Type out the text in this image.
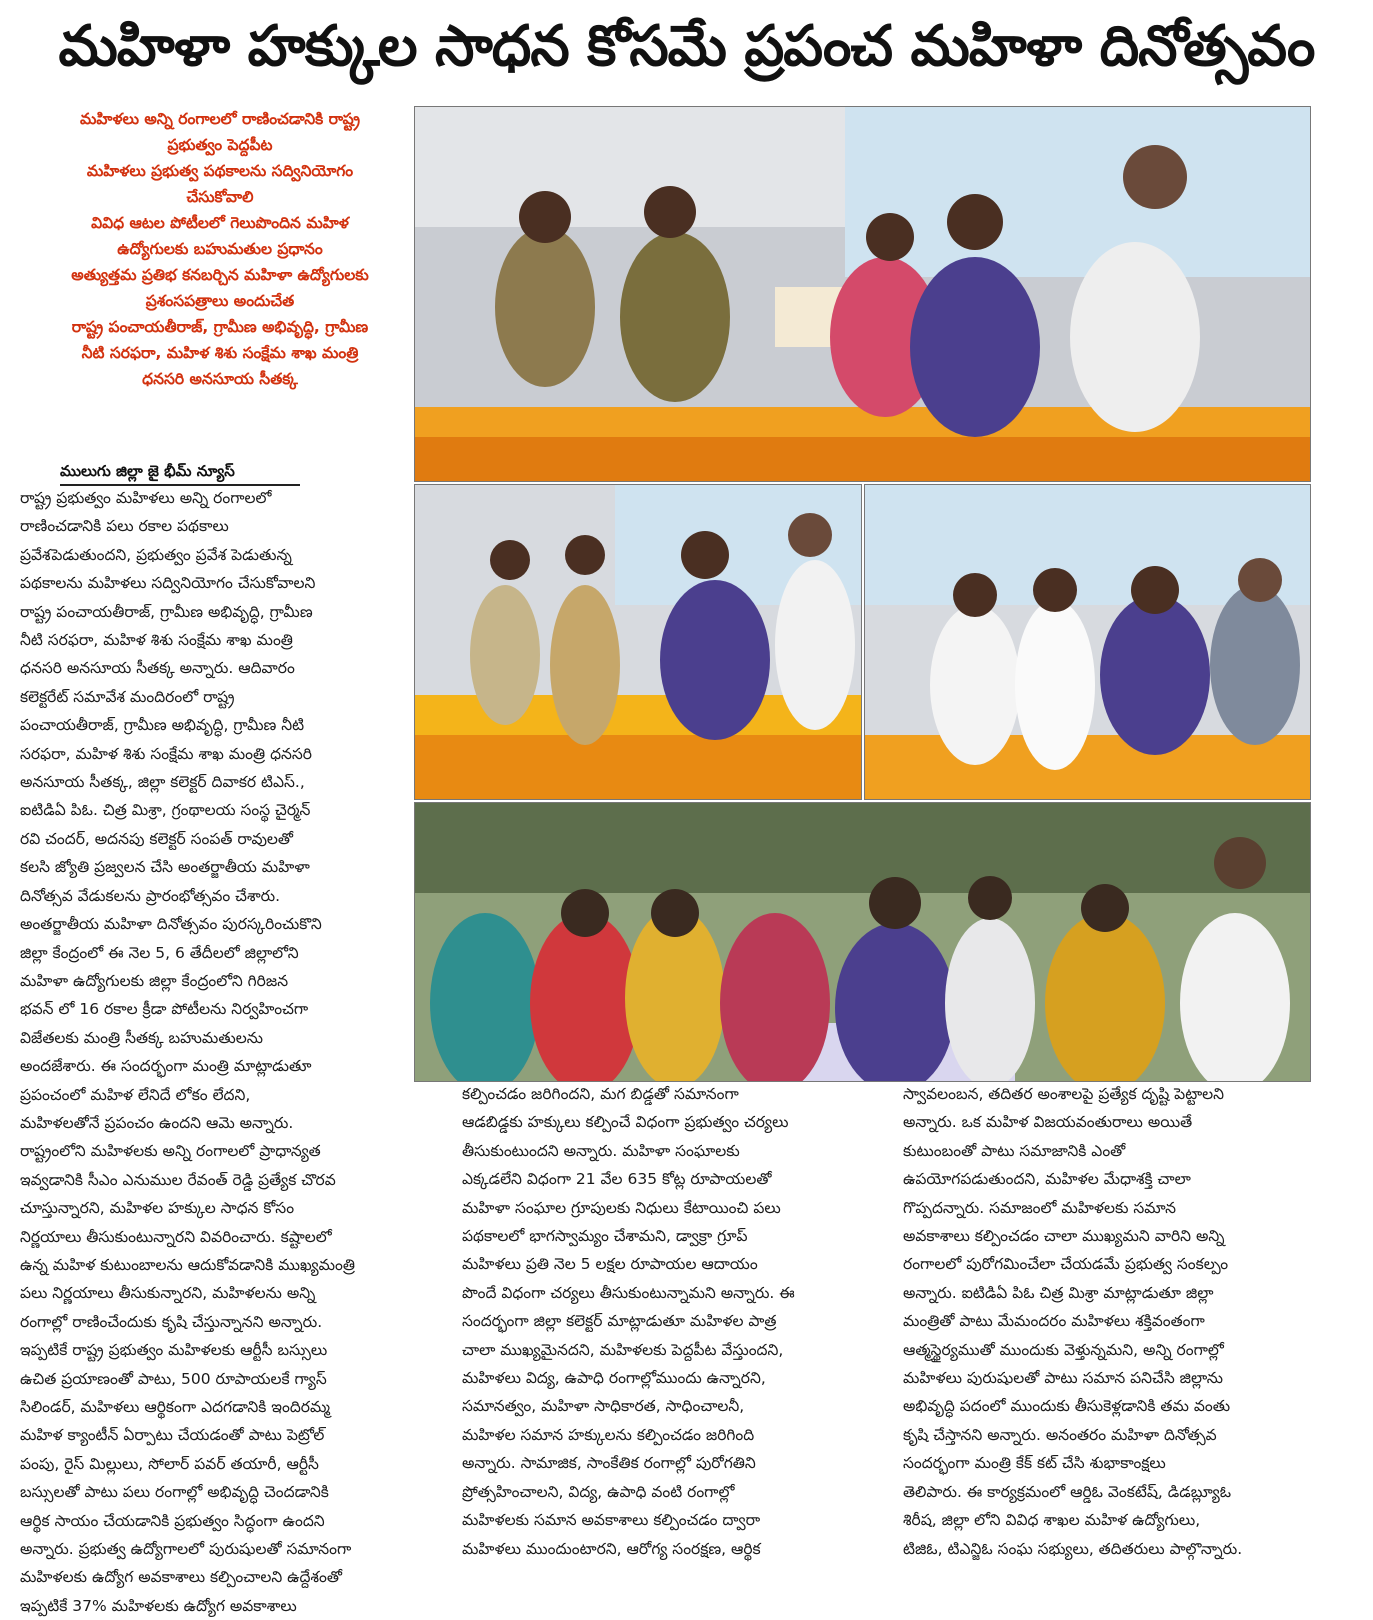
మహిళా హక్కుల సాధన కోసమే ప్రపంచ మహిళా దినోత్సవం
మహిళలు అన్ని రంగాలలో రాణించడానికి రాష్ట్ర
ప్రభుత్వం పెద్దపీట
మహిళలు ప్రభుత్వ పథకాలను సద్వినియోగం
చేసుకోవాలి
వివిధ ఆటల పోటీలలో గెలుపొందిన మహిళ
ఉద్యోగులకు బహుమతుల ప్రధానం
అత్యుత్తమ ప్రతిభ కనబర్చిన మహిళా ఉద్యోగులకు
ప్రశంసపత్రాలు అందుచేత
రాష్ట్ర పంచాయతీరాజ్, గ్రామీణ అభివృద్ధి, గ్రామీణ
నీటి సరఫరా, మహిళ శిశు సంక్షేమ శాఖ మంత్రి
ధనసరి అనసూయ సీతక్క
ములుగు జిల్లా జై భీమ్ న్యూస్
రాష్ట్ర ప్రభుత్వం మహిళలు అన్ని రంగాలలో
రాణించడానికి పలు రకాల పథకాలు
ప్రవేశపెడుతుందని, ప్రభుత్వం ప్రవేశ పెడుతున్న
పథకాలను మహిళలు సద్వినియోగం చేసుకోవాలని
రాష్ట్ర పంచాయతీరాజ్, గ్రామీణ అభివృద్ధి, గ్రామీణ
నీటి సరఫరా, మహిళ శిశు సంక్షేమ శాఖ మంత్రి
ధనసరి అనసూయ సీతక్క అన్నారు. ఆదివారం
కలెక్టరేట్ సమావేశ మందిరంలో రాష్ట్ర
పంచాయతీరాజ్, గ్రామీణ అభివృద్ధి, గ్రామీణ నీటి
సరఫరా, మహిళ శిశు సంక్షేమ శాఖ మంత్రి ధనసరి
అనసూయ సీతక్క, జిల్లా కలెక్టర్ దివాకర టిఎస్.,
ఐటిడిఏ పిఓ. చిత్ర మిశ్రా, గ్రంథాలయ సంస్థ చైర్మన్
రవి చందర్, అదనపు కలెక్టర్ సంపత్ రావులతో
కలసి జ్యోతి ప్రజ్వలన చేసి అంతర్జాతీయ మహిళా
దినోత్సవ వేడుకలను ప్రారంభోత్సవం చేశారు.
అంతర్జాతీయ మహిళా దినోత్సవం పురస్కరించుకొని
జిల్లా కేంద్రంలో ఈ నెల 5, 6 తేదీలలో జిల్లాలోని
మహిళా ఉద్యోగులకు జిల్లా కేంద్రంలోని గిరిజన
భవన్ లో 16 రకాల క్రీడా పోటీలను నిర్వహించగా
విజేతలకు మంత్రి సీతక్క బహుమతులను
అందజేశారు. ఈ సందర్భంగా మంత్రి మాట్లాడుతూ
ప్రపంచంలో మహిళ లేనిదే లోకం లేదని,
మహిళలతోనే ప్రపంచం ఉందని ఆమె అన్నారు.
రాష్ట్రంలోని మహిళలకు అన్ని రంగాలలో ప్రాధాన్యత
ఇవ్వడానికి సీఎం ఎనుముల రేవంత్ రెడ్డి ప్రత్యేక చొరవ
చూస్తున్నారని, మహిళల హక్కుల సాధన కోసం
నిర్ణయాలు తీసుకుంటున్నారని వివరించారు. కష్టాలలో
ఉన్న మహిళ కుటుంబాలను ఆదుకోవడానికి ముఖ్యమంత్రి
పలు నిర్ణయాలు తీసుకున్నారని, మహిళలను అన్ని
రంగాల్లో రాణించేందుకు కృషి చేస్తున్నానని అన్నారు.
ఇప్పటికే రాష్ట్ర ప్రభుత్వం మహిళలకు ఆర్టీసీ బస్సులు
ఉచిత ప్రయాణంతో పాటు, 500 రూపాయలకే గ్యాస్
సిలిండర్, మహిళలు ఆర్థికంగా ఎదగడానికి ఇందిరమ్మ
మహిళ క్యాంటీన్ ఏర్పాటు చేయడంతో పాటు పెట్రోల్
పంపు, రైస్ మిల్లులు, సోలార్ పవర్ తయారీ, ఆర్టీసీ
బస్సులతో పాటు పలు రంగాల్లో అభివృద్ధి చెందడానికి
ఆర్థిక సాయం చేయడానికి ప్రభుత్వం సిద్ధంగా ఉందని
అన్నారు. ప్రభుత్వ ఉద్యోగాలలో పురుషులతో సమానంగా
మహిళలకు ఉద్యోగ అవకాశాలు కల్పించాలని ఉద్దేశంతో
ఇప్పటికే 37% మహిళలకు ఉద్యోగ అవకాశాలు
కల్పించడం జరిగిందని, మగ బిడ్డతో సమానంగా
ఆడబిడ్డకు హక్కులు కల్పించే విధంగా ప్రభుత్వం చర్యలు
తీసుకుంటుందని అన్నారు. మహిళా సంఘాలకు
ఎక్కడలేని విధంగా 21 వేల 635 కోట్ల రూపాయలతో
మహిళా సంఘాల గ్రూపులకు నిధులు కేటాయించి పలు
పథకాలలో భాగస్వామ్యం చేశామని, డ్వాక్రా గ్రూప్
మహిళలు ప్రతి నెల 5 లక్షల రూపాయల ఆదాయం
పొందే విధంగా చర్యలు తీసుకుంటున్నామని అన్నారు. ఈ
సందర్భంగా జిల్లా కలెక్టర్ మాట్లాడుతూ మహిళల పాత్ర
చాలా ముఖ్యమైనదని, మహిళలకు పెద్దపీట వేస్తుందని,
మహిళలు విద్య, ఉపాధి రంగాల్లోముందు ఉన్నారని,
సమానత్వం, మహిళా సాధికారత, సాధించాలనీ,
మహిళల సమాన హక్కులను కల్పించడం జరిగింది
అన్నారు. సామాజిక, సాంకేతిక రంగాల్లో పురోగతిని
ప్రోత్సహించాలని, విద్య, ఉపాధి వంటి రంగాల్లో
మహిళలకు సమాన అవకాశాలు కల్పించడం ద్వారా
మహిళలు ముందుంటారని, ఆరోగ్య సంరక్షణ, ఆర్థిక
స్వావలంబన, తదితర అంశాలపై ప్రత్యేక దృష్టి పెట్టాలని
అన్నారు. ఒక మహిళ విజయవంతురాలు అయితే
కుటుంబంతో పాటు సమాజానికి ఎంతో
ఉపయోగపడుతుందని, మహిళల మేధాశక్తి చాలా
గొప్పదన్నారు. సమాజంలో మహిళలకు సమాన
అవకాశాలు కల్పించడం చాలా ముఖ్యమని వారిని అన్ని
రంగాలలో పురోగమించేలా చేయడమే ప్రభుత్వ సంకల్పం
అన్నారు. ఐటిడిఏ పిఓ చిత్ర మిశ్రా మాట్లాడుతూ జిల్లా
మంత్రితో పాటు మేమందరం మహిళలు శక్తివంతంగా
ఆత్మస్థైర్యముతో ముందుకు వెళ్తున్నమని, అన్ని రంగాల్లో
మహిళలు పురుషులతో పాటు సమాన పనిచేసి జిల్లాను
అభివృద్ధి పదంలో ముందుకు తీసుకెళ్లడానికి తమ వంతు
కృషి చేస్తానని అన్నారు. అనంతరం మహిళా దినోత్సవ
సందర్భంగా మంత్రి కేక్ కట్ చేసి శుభాకాంక్షలు
తెలిపారు. ఈ కార్యక్రమంలో ఆర్డిఓ వెంకటేష్, డిడబ్ల్యూఓ
శిరీష, జిల్లా లోని వివిధ శాఖల మహిళ ఉద్యోగులు,
టిజిఓ, టిఎన్జిఓ సంఘ సభ్యులు, తదితరులు పాల్గొన్నారు.
